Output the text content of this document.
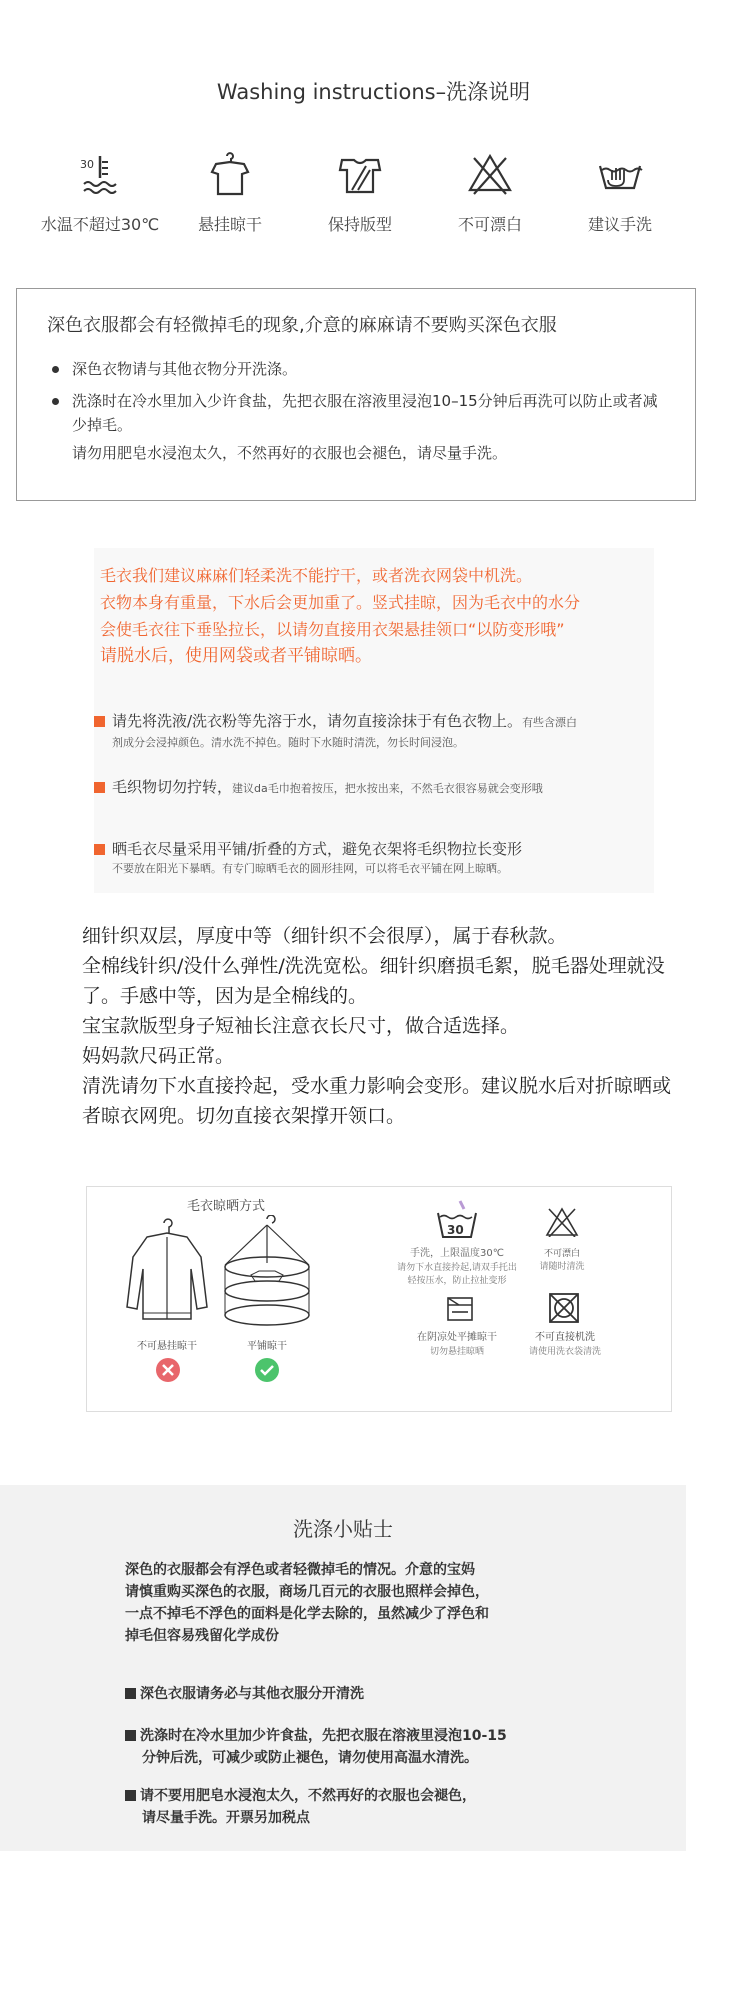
Washing instructions–洗涤说明
30
水温不超过30℃ 悬挂晾干	保持版型	不可漂白	建议手洗
深色衣服都会有轻微掉毛的现象,介意的麻麻请不要购买深色衣服
深色衣物请与其他衣物分开洗涤。
洗涤时在冷水里加入少许食盐，先把衣服在溶液里浸泡10–15分钟后再洗可以防止或者减少掉毛。
请勿用肥皂水浸泡太久，不然再好的衣服也会褪色，请尽量手洗。
毛衣我们建议麻麻们轻柔洗不能拧干，或者洗衣网袋中机洗。
衣物本身有重量，下水后会更加重了。竖式挂晾，因为毛衣中的水分
会使毛衣往下垂坠拉长，以请勿直接用衣架悬挂领口“以防变形哦”
请脱水后，使用网袋或者平铺晾晒。
请先将洗液/洗衣粉等先溶于水，请勿直接涂抹于有色衣物上。有些含漂白
剂成分会浸掉颜色。清水洗不掉色。随时下水随时清洗，勿长时间浸泡。
毛织物切勿拧转，建议da毛巾抱着按压，把水按出来，不然毛衣很容易就会变形哦
晒毛衣尽量采用平铺/折叠的方式，避免衣架将毛织物拉长变形
不要放在阳光下暴晒。有专门晾晒毛衣的圆形挂网，可以将毛衣平铺在网上晾晒。
细针织双层，厚度中等（细针织不会很厚），属于春秋款。
全棉线针织/没什么弹性/洗洗宽松。细针织磨损毛絮，脱毛器处理就没了。手感中等，因为是全棉线的。
宝宝款版型身子短袖长注意衣长尺寸，做合适选择。
妈妈款尺码正常。
清洗请勿下水直接拎起，受水重力影响会变形。建议脱水后对折晾晒或者晾衣网兜。切勿直接衣架撑开领口。
毛衣晾晒方式
不可悬挂晾干	平铺晾干
30
手洗，上限温度30℃
请勿下水直接拎起,请双手托出
轻按压水，防止拉扯变形
不可漂白
请随时清洗
在阴凉处平摊晾干
切勿悬挂晾晒
不可直接机洗
请使用洗衣袋清洗
洗涤小贴士
深色的衣服都会有浮色或者轻微掉毛的情况。介意的宝妈
请慎重购买深色的衣服，商场几百元的衣服也照样会掉色，
一点不掉毛不浮色的面料是化学去除的，虽然减少了浮色和
掉毛但容易残留化学成份
深色衣服请务必与其他衣服分开清洗
洗涤时在冷水里加少许食盐，先把衣服在溶液里浸泡10-15
分钟后洗，可减少或防止褪色，请勿使用高温水清洗。
请不要用肥皂水浸泡太久，不然再好的衣服也会褪色，
请尽量手洗。开票另加税点
